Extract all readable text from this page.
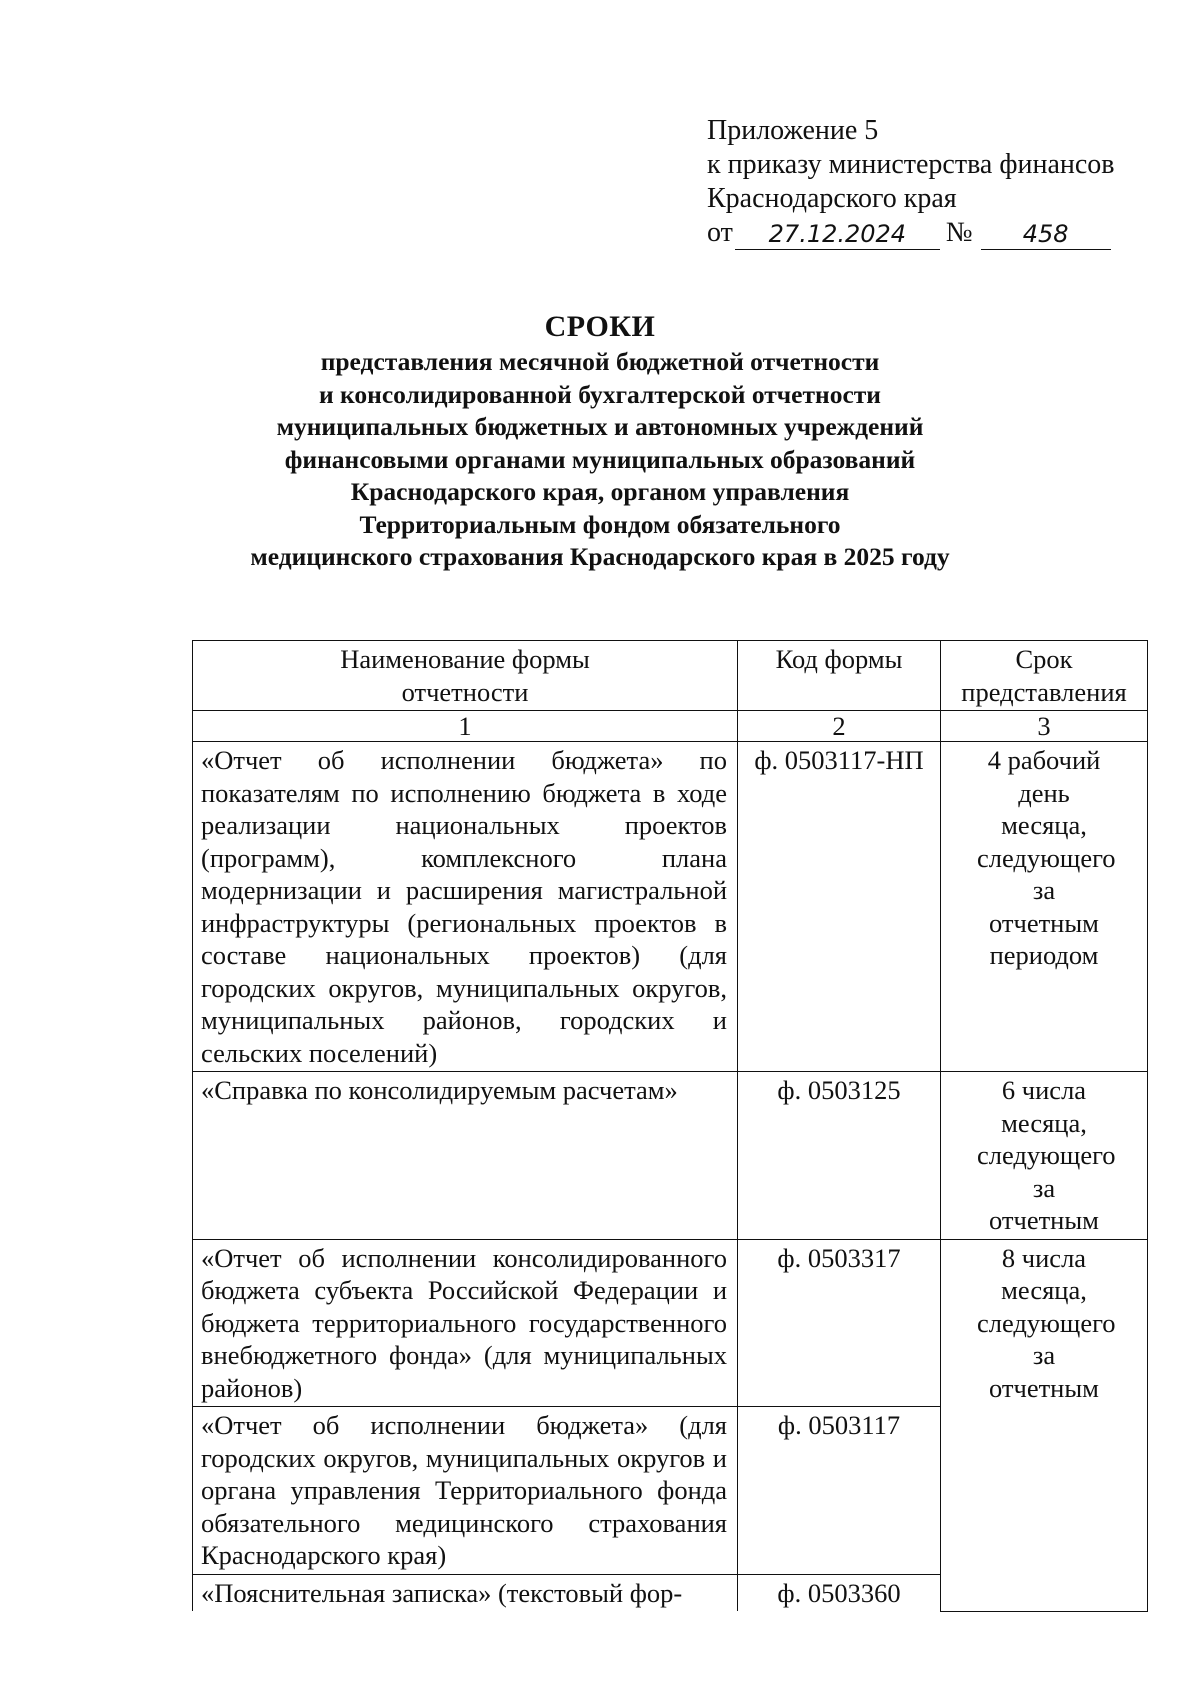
Приложение 5
к приказу министерства финансов
Краснодарского края
от	27.12.2024	№	458
СРОКИ
представления месячной бюджетной отчетности
и консолидированной бухгалтерской отчетности
муниципальных бюджетных и автономных учреждений
финансовыми органами муниципальных образований
Краснодарского края, органом управления
Территориальным фондом обязательного
медицинского страхования Краснодарского края в 2025 году
Наименование формы отчетности	Код формы	Срок представления
1	2	3
«Отчет об исполнении бюджета» по показателям по исполнению бюджета в ходе реализации национальных проектов (программ), комплексного плана модернизации и расширения магистральной инфраструктуры (региональных проектов в составе национальных проектов) (для городских округов, муниципальных округов, муниципальных районов, городских и сельских поселений)	ф. 0503117-НП	4 рабочий день месяца, следующего за отчетным периодом
«Справка по консолидируемым расчетам»	ф. 0503125	6 числа месяца, следующего за отчетным
«Отчет об исполнении консолидированного бюджета субъекта Российской Федерации и бюджета территориального государственного внебюджетного фонда» (для муниципальных районов)	ф. 0503317	8 числа месяца, следующего за отчетным
«Отчет об исполнении бюджета» (для городских округов, муниципальных округов и органа управления Территориального фонда обязательного медицинского страхования Краснодарского края)	ф. 0503117	
«Пояснительная записка» (текстовый фор-	ф. 0503360	
